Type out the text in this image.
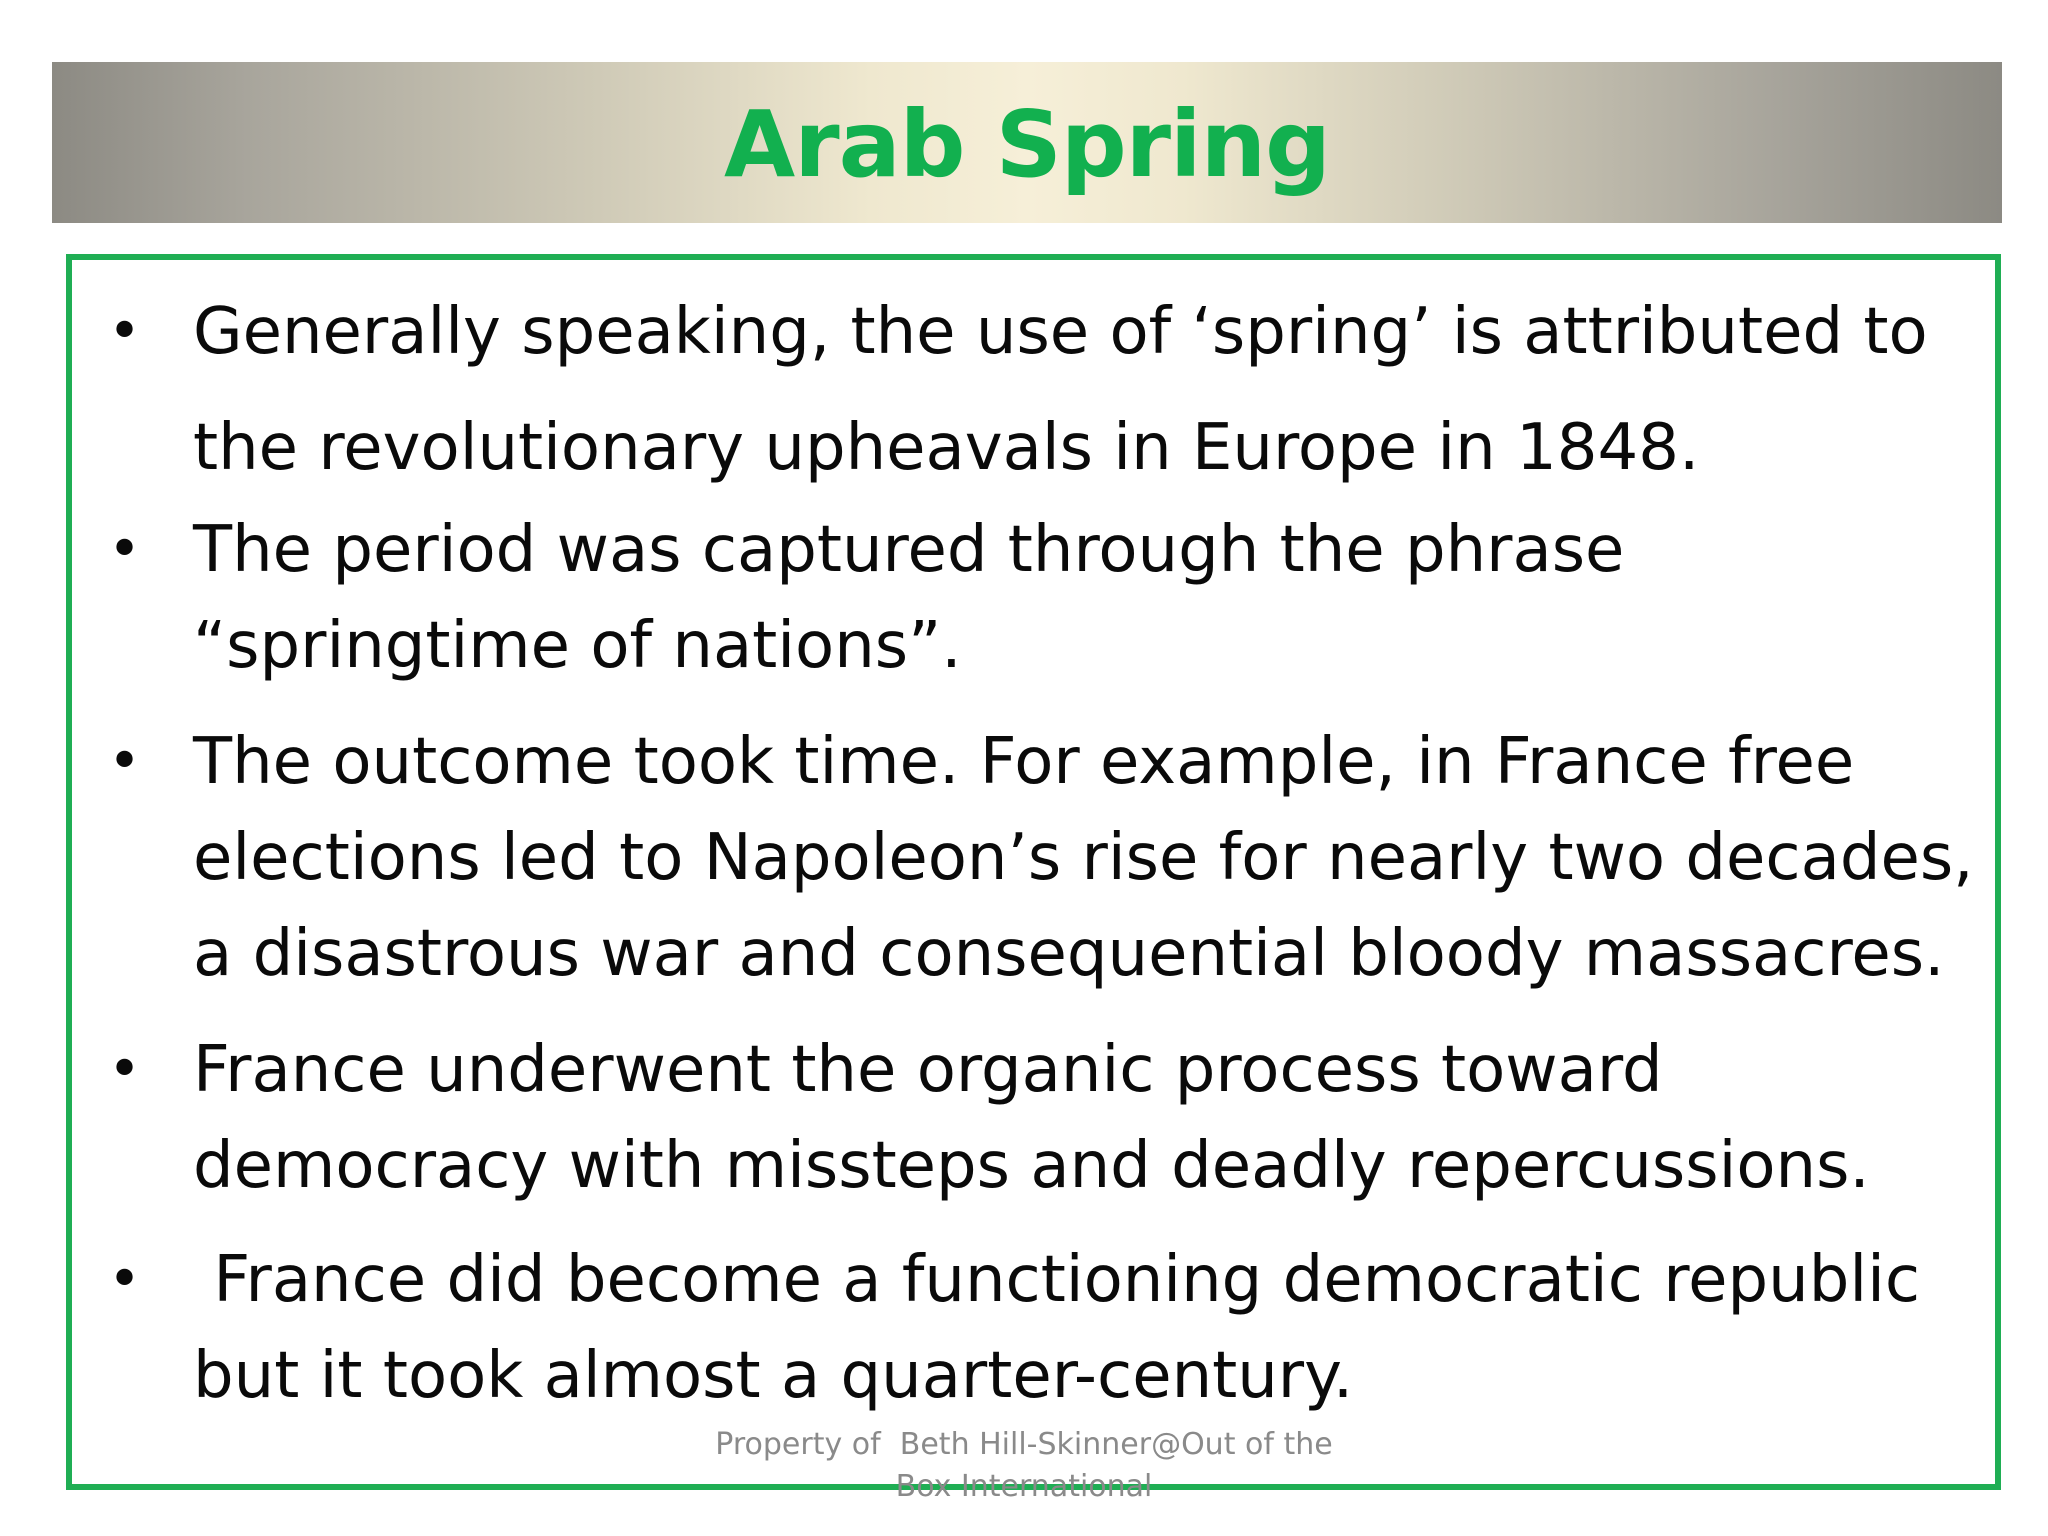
Arab Spring
• Generally speaking, the use of ‘spring’ is attributed to
the revolutionary upheavals in Europe in 1848.
• The period was captured through the phrase “springtime of nations”.
• The outcome took time. For example, in France free elections led to Napoleon’s rise for nearly two decades, a disastrous war and consequential bloody massacres.
• France underwent the organic process toward democracy with missteps and deadly repercussions.
• France did become a functioning democratic republic but it took almost a quarter-century.
Property of  Beth Hill-Skinner@Out of the
Box International
